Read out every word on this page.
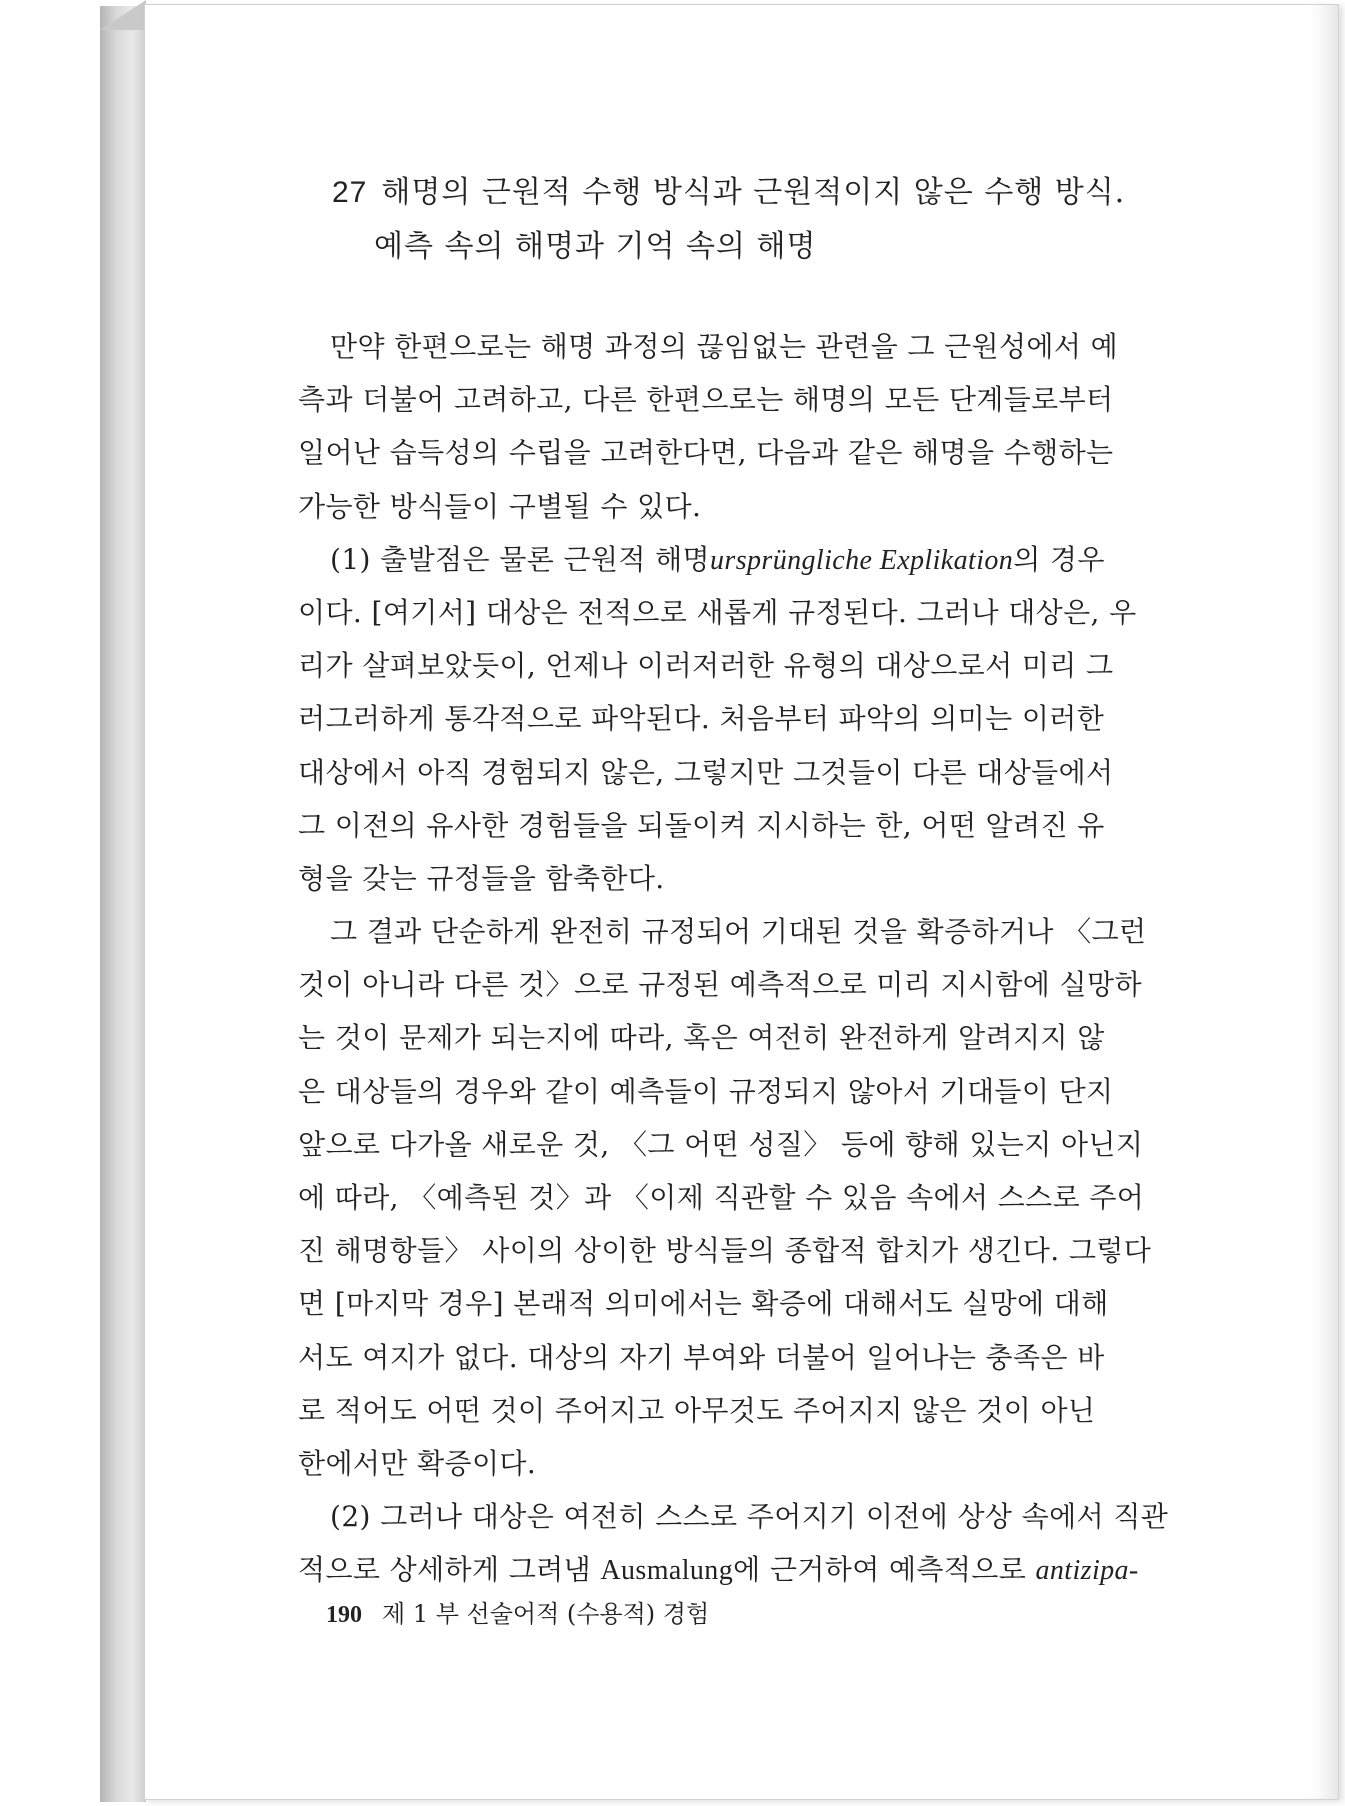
27 해명의 근원적 수행 방식과 근원적이지 않은 수행 방식.
예측 속의 해명과 기억 속의 해명
만약 한편으로는 해명 과정의 끊임없는 관련을 그 근원성에서 예
측과 더불어 고려하고, 다른 한편으로는 해명의 모든 단계들로부터
일어난 습득성의 수립을 고려한다면, 다음과 같은 해명을 수행하는
가능한 방식들이 구별될 수 있다.
(1) 출발점은 물론 근원적 해명ursprüngliche Explikation의 경우
이다. [여기서] 대상은 전적으로 새롭게 규정된다. 그러나 대상은, 우
리가 살펴보았듯이, 언제나 이러저러한 유형의 대상으로서 미리 그
러그러하게 통각적으로 파악된다. 처음부터 파악의 의미는 이러한
대상에서 아직 경험되지 않은, 그렇지만 그것들이 다른 대상들에서
그 이전의 유사한 경험들을 되돌이켜 지시하는 한, 어떤 알려진 유
형을 갖는 규정들을 함축한다.
그 결과 단순하게 완전히 규정되어 기대된 것을 확증하거나 〈그런
것이 아니라 다른 것〉으로 규정된 예측적으로 미리 지시함에 실망하
는 것이 문제가 되는지에 따라, 혹은 여전히 완전하게 알려지지 않
은 대상들의 경우와 같이 예측들이 규정되지 않아서 기대들이 단지
앞으로 다가올 새로운 것, 〈그 어떤 성질〉 등에 향해 있는지 아닌지
에 따라, 〈예측된 것〉과 〈이제 직관할 수 있음 속에서 스스로 주어
진 해명항들〉 사이의 상이한 방식들의 종합적 합치가 생긴다. 그렇다
면 [마지막 경우] 본래적 의미에서는 확증에 대해서도 실망에 대해
서도 여지가 없다. 대상의 자기 부여와 더불어 일어나는 충족은 바
로 적어도 어떤 것이 주어지고 아무것도 주어지지 않은 것이 아닌
한에서만 확증이다.
(2) 그러나 대상은 여전히 스스로 주어지기 이전에 상상 속에서 직관
적으로 상세하게 그려냄 Ausmalung에 근거하여 예측적으로 antizipa-
190 제 1 부 선술어적 (수용적) 경험
